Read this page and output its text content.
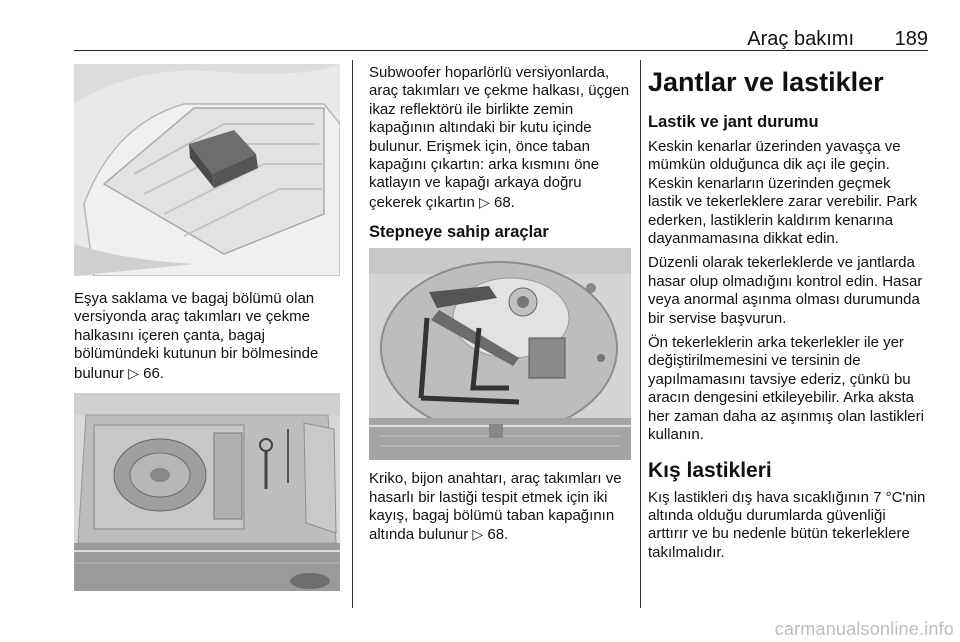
Araç bakımı 189

Eşya saklama ve bagaj bölümü olan versiyonda araç takımları ve çekme halkasını içeren çanta, bagaj bölümündeki kutunun bir bölmesinde bulunur ▷ 66.

Subwoofer hoparlörlü versiyonlarda, araç takımları ve çekme halkası, üçgen ikaz reflektörü ile birlikte zemin kapağının altındaki bir kutu içinde bulunur. Erişmek için, önce taban kapağını çıkartın: arka kısmını öne katlayın ve kapağı arkaya doğru çekerek çıkartın ▷ 68.

Stepneye sahip araçlar

Kriko, bijon anahtarı, araç takımları ve hasarlı bir lastiği tespit etmek için iki kayış, bagaj bölümü taban kapağının altında bulunur ▷ 68.

Jantlar ve lastikler
Lastik ve jant durumu

Keskin kenarlar üzerinden yavaşça ve mümkün olduğunca dik açı ile geçin. Keskin kenarların üzerinden geçmek lastik ve tekerleklere zarar verebilir. Park ederken, lastiklerin kaldırım kenarına dayanmamasına dikkat edin.

Düzenli olarak tekerleklerde ve jantlarda hasar olup olmadığını kontrol edin. Hasar veya anormal aşınma olması durumunda bir servise başvurun.

Ön tekerleklerin arka tekerlekler ile yer değiştirilmemesini ve tersinin de yapılmamasını tavsiye ederiz, çünkü bu aracın dengesini etkileyebilir. Arka aksta her zaman daha az aşınmış olan lastikleri kullanın.

Kış lastikleri

Kış lastikleri dış hava sıcaklığının 7 °C'nin altında olduğu durumlarda güvenliği arttırır ve bu nedenle bütün tekerleklere takılmalıdır.

carmanualsonline.info
